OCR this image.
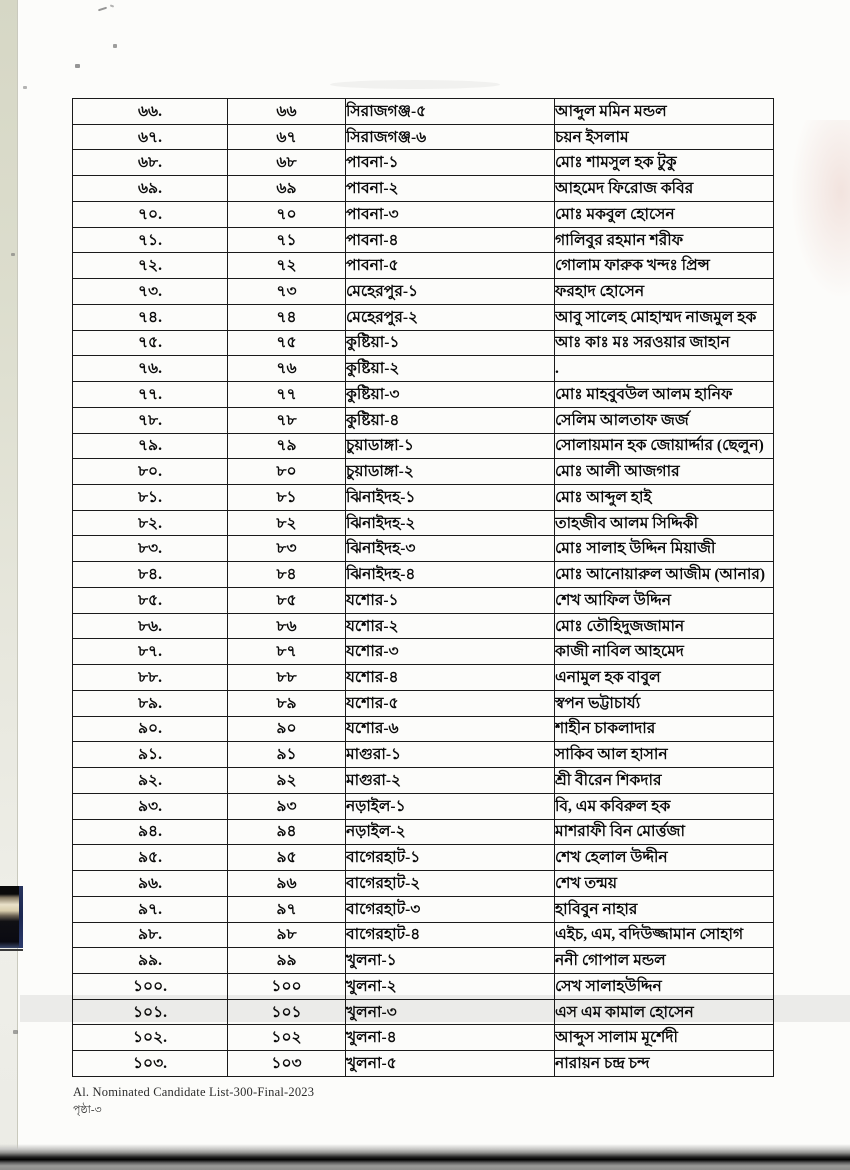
৬৬.	৬৬	সিরাজগঞ্জ-৫	আব্দুল মমিন মন্ডল
৬৭.	৬৭	সিরাজগঞ্জ-৬	চয়ন ইসলাম
৬৮.	৬৮	পাবনা-১	মোঃ শামসুল হক টুকু
৬৯.	৬৯	পাবনা-২	আহমেদ ফিরোজ কবির
৭০.	৭০	পাবনা-৩	মোঃ মকবুল হোসেন
৭১.	৭১	পাবনা-৪	গালিবুর রহমান শরীফ
৭২.	৭২	পাবনা-৫	গোলাম ফারুক খন্দঃ প্রিন্স
৭৩.	৭৩	মেহেরপুর-১	ফরহাদ হোসেন
৭৪.	৭৪	মেহেরপুর-২	আবু সালেহ মোহাম্মদ নাজমুল হক
৭৫.	৭৫	কুষ্টিয়া-১	আঃ কাঃ মঃ সরওয়ার জাহান
৭৬.	৭৬	কুষ্টিয়া-২	.
৭৭.	৭৭	কুষ্টিয়া-৩	মোঃ মাহবুবউল আলম হানিফ
৭৮.	৭৮	কুষ্টিয়া-৪	সেলিম আলতাফ জর্জ
৭৯.	৭৯	চুয়াডাঙ্গা-১	সোলায়মান হক জোয়ার্দ্দার (ছেলুন)
৮০.	৮০	চুয়াডাঙ্গা-২	মোঃ আলী আজগার
৮১.	৮১	ঝিনাইদহ-১	মোঃ আব্দুল হাই
৮২.	৮২	ঝিনাইদহ-২	তাহজীব আলম সিদ্দিকী
৮৩.	৮৩	ঝিনাইদহ-৩	মোঃ সালাহ উদ্দিন মিয়াজী
৮৪.	৮৪	ঝিনাইদহ-৪	মোঃ আনোয়ারুল আজীম (আনার)
৮৫.	৮৫	যশোর-১	শেখ আফিল উদ্দিন
৮৬.	৮৬	যশোর-২	মোঃ তৌহিদুজজামান
৮৭.	৮৭	যশোর-৩	কাজী নাবিল আহমেদ
৮৮.	৮৮	যশোর-৪	এনামুল হক বাবুল
৮৯.	৮৯	যশোর-৫	স্বপন ভট্টাচার্য্য
৯০.	৯০	যশোর-৬	শাহীন চাকলাদার
৯১.	৯১	মাগুরা-১	সাকিব আল হাসান
৯২.	৯২	মাগুরা-২	শ্রী বীরেন শিকদার
৯৩.	৯৩	নড়াইল-১	বি, এম কবিরুল হক
৯৪.	৯৪	নড়াইল-২	মাশরাফী বিন মোর্ত্তজা
৯৫.	৯৫	বাগেরহাট-১	শেখ হেলাল উদ্দীন
৯৬.	৯৬	বাগেরহাট-২	শেখ তন্ময়
৯৭.	৯৭	বাগেরহাট-৩	হাবিবুন নাহার
৯৮.	৯৮	বাগেরহাট-৪	এইচ, এম, বদিউজ্জামান সোহাগ
৯৯.	৯৯	খুলনা-১	ননী গোপাল মন্ডল
১০০.	১০০	খুলনা-২	সেখ সালাহউদ্দিন
১০১.	১০১	খুলনা-৩	এস এম কামাল হোসেন
১০২.	১০২	খুলনা-৪	আব্দুস সালাম মূর্শেদী
১০৩.	১০৩	খুলনা-৫	নারায়ন চন্দ্র চন্দ
Al. Nominated Candidate List-300-Final-2023
পৃষ্ঠা-৩
